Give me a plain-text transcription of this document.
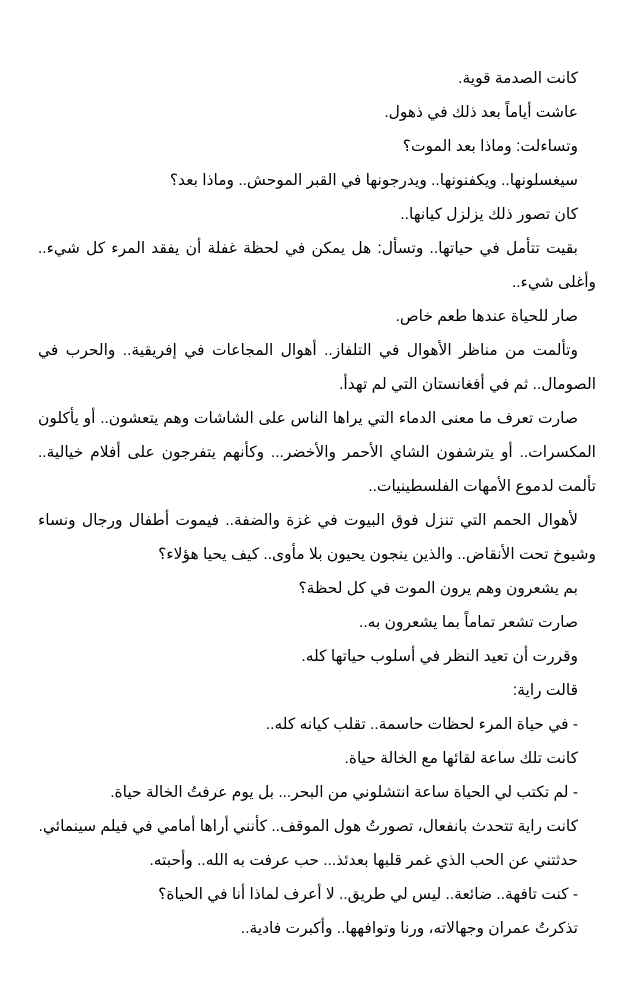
كانت الصدمة قوية.

عاشت أياماً بعد ذلك في ذهول.

وتساءلت: وماذا بعد الموت؟

سيغسلونها.. ويكفنونها.. ويدرجونها في القبر الموحش.. وماذا بعد؟

كان تصور ذلك يزلزل كيانها..

بقيت تتأمل في حياتها.. وتسأل: هل يمكن في لحظة غفلة أن يفقد المرء كل شيء.. وأغلى شيء..

صار للحياة عندها طعم خاص.

وتألمت من مناظر الأهوال في التلفاز.. أهوال المجاعات في إفريقية.. والحرب في الصومال.. ثم في أفغانستان التي لم تهدأ.

صارت تعرف ما معنى الدماء التي يراها الناس على الشاشات وهم يتعشون.. أو يأكلون المكسرات.. أو يترشفون الشاي الأحمر والأخضر... وكأنهم يتفرجون على أفلام خيالية.. تألمت لدموع الأمهات الفلسطينيات..

لأهوال الحمم التي تنزل فوق البيوت في غزة والضفة.. فيموت أطفال ورجال ونساء وشيوخ تحت الأنقاض.. والذين ينجون يحيون بلا مأوى.. كيف يحيا هؤلاء؟

بم يشعرون وهم يرون الموت في كل لحظة؟

صارت تشعر تماماً بما يشعرون به..

وقررت أن تعيد النظر في أسلوب حياتها كله.

قالت راية:

- في حياة المرء لحظات حاسمة.. تقلب كيانه كله..

كانت تلك ساعة لقائها مع الخالة حياة.

- لم تكتب لي الحياة ساعة انتشلوني من البحر... بل يوم عرفتُ الخالة حياة.

كانت راية تتحدث بانفعال، تصورتُ هول الموقف.. كأنني أراها أمامي في فيلم سينمائي.

حدثتني عن الحب الذي غمر قلبها بعدئذ... حب عرفت به الله.. وأحبته.

- كنت تافهة.. ضائعة.. ليس لي طريق.. لا أعرف لماذا أنا في الحياة؟

تذكرتُ عمران وجهالاته، ورنا وتوافهها.. وأكبرت فادية..
